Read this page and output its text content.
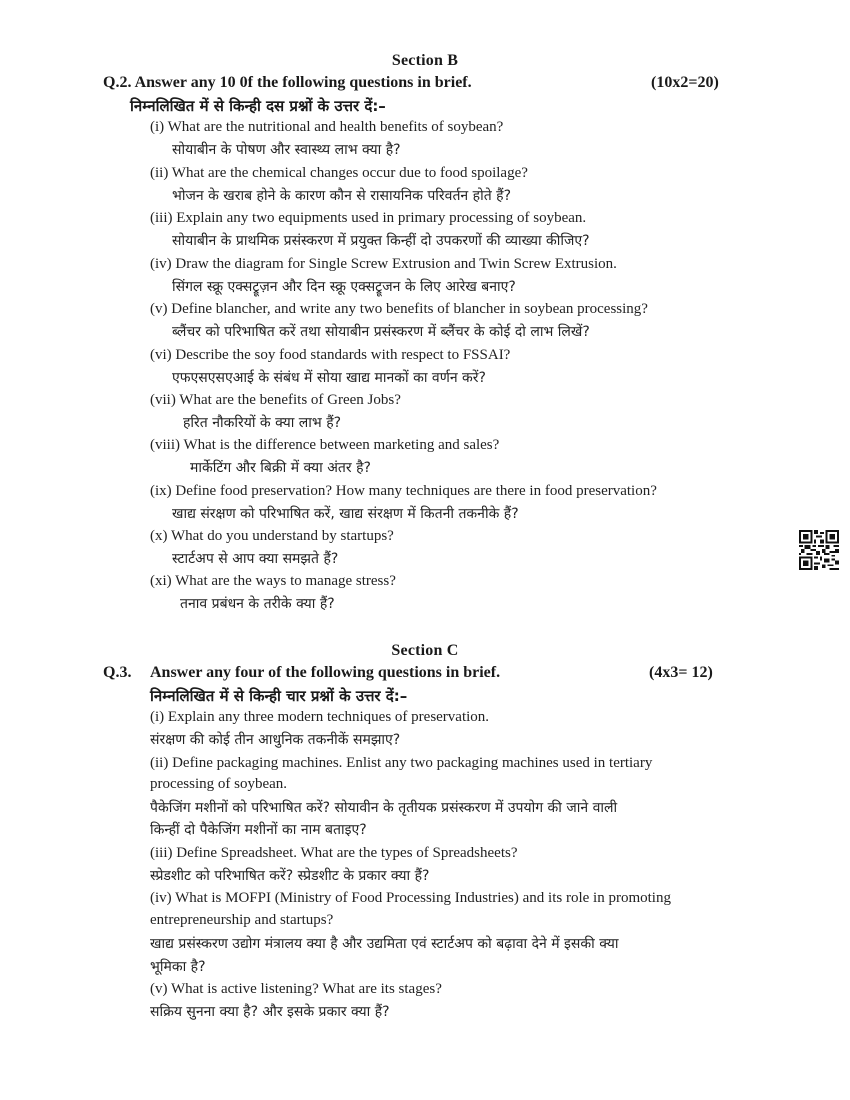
Section B
Q.2. Answer any 10 0f the following questions in brief.	(10x2=20)
निम्नलिखित में से किन्ही दस प्रश्नों के उत्तर दें:–
(i) What are the nutritional and health benefits of soybean?
सोयाबीन के पोषण और स्वास्थ्य लाभ क्या है?
(ii) What are the chemical changes occur due to food spoilage?
भोजन के खराब होने के कारण कौन से रासायनिक परिवर्तन होते हैं?
(iii) Explain any two equipments used in primary processing of soybean.
सोयाबीन के प्राथमिक प्रसंस्करण में प्रयुक्त किन्हीं दो उपकरणों की व्याख्या कीजिए?
(iv) Draw the diagram for Single Screw Extrusion and Twin Screw Extrusion.
सिंगल स्क्रू एक्सट्रूज़न और दिन स्क्रू एक्सट्रूजन के लिए आरेख बनाए?
(v) Define blancher, and write any two benefits of blancher in soybean processing?
ब्लैंचर को परिभाषित करें तथा सोयाबीन प्रसंस्करण में ब्लैंचर के कोई दो लाभ लिखें?
(vi) Describe the soy food standards with respect to FSSAI?
एफएसएसएआई के संबंध में सोया खाद्य मानकों का वर्णन करें?
(vii) What are the benefits of Green Jobs?
हरित नौकरियों के क्या लाभ हैं?
(viii) What is the difference between marketing and sales?
मार्केटिंग और बिक्री में क्या अंतर है?
(ix) Define food preservation? How many techniques are there in food preservation?
खाद्य संरक्षण को परिभाषित करें, खाद्य संरक्षण में कितनी तकनीके हैं?
(x) What do you understand by startups?
स्टार्टअप से आप क्या समझते हैं?
(xi) What are the ways to manage stress?
तनाव प्रबंधन के तरीके क्या हैं?
Section C
Q.3. Answer any four of the following questions in brief.	(4x3= 12)
निम्नलिखित में से किन्ही चार प्रश्नों के उत्तर दें:–
(i) Explain any three modern techniques of preservation.
संरक्षण की कोई तीन आधुनिक तकनीकें समझाए?
(ii) Define packaging machines. Enlist any two packaging machines used in tertiary
processing of soybean.
पैकेजिंग मशीनों को परिभाषित करें? सोयावीन के तृतीयक प्रसंस्करण में उपयोग की जाने वाली
किन्हीं दो पैकेजिंग मशीनों का नाम बताइए?
(iii) Define Spreadsheet. What are the types of Spreadsheets?
स्प्रेडशीट को परिभाषित करें? स्प्रेडशीट के प्रकार क्या हैं?
(iv) What is MOFPI (Ministry of Food Processing Industries) and its role in promoting
entrepreneurship and startups?
खाद्य प्रसंस्करण उद्योग मंत्रालय क्या है और उद्यमिता एवं स्टार्टअप को बढ़ावा देने में इसकी क्या
भूमिका है?
(v) What is active listening? What are its stages?
सक्रिय सुनना क्या है? और इसके प्रकार क्या हैं?
